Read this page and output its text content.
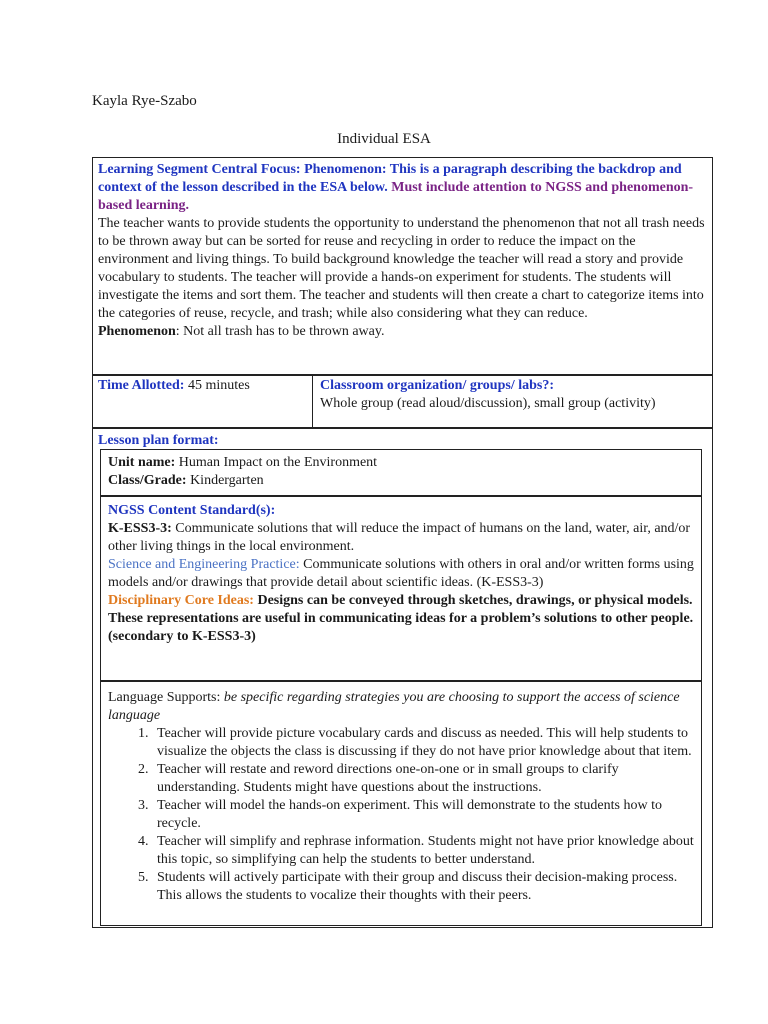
Kayla Rye-Szabo
Individual ESA

Learning Segment Central Focus: Phenomenon: This is a paragraph describing the backdrop and context of the lesson described in the ESA below. Must include attention to NGSS and phenomenon-based learning.

The teacher wants to provide students the opportunity to understand the phenomenon that not all trash needs to be thrown away but can be sorted for reuse and recycling in order to reduce the impact on the environment and living things. To build background knowledge the teacher will read a story and provide vocabulary to students. The teacher will provide a hands-on experiment for students. The students will investigate the items and sort them. The teacher and students will then create a chart to categorize items into the categories of reuse, recycle, and trash; while also considering what they can reduce.

Phenomenon: Not all trash has to be thrown away.

Time Allotted: 45 minutes	Classroom organization/ groups/ labs?:

Whole group (read aloud/discussion), small group (activity)

Lesson plan format:

Unit name: Human Impact on the Environment

Class/Grade: Kindergarten

NGSS Content Standard(s):

K-ESS3-3: Communicate solutions that will reduce the impact of humans on the land, water, air, and/or other living things in the local environment.

Science and Engineering Practice: Communicate solutions with others in oral and/or written forms using models and/or drawings that provide detail about scientific ideas. (K-ESS3-3)

Disciplinary Core Ideas: Designs can be conveyed through sketches, drawings, or physical models. These representations are useful in communicating ideas for a problem’s solutions to other people. (secondary to K-ESS3-3)

Language Supports: be specific regarding strategies you are choosing to support the access of science language

1. Teacher will provide picture vocabulary cards and discuss as needed. This will help students to visualize the objects the class is discussing if they do not have prior knowledge about that item.
2. Teacher will restate and reword directions one-on-one or in small groups to clarify understanding. Students might have questions about the instructions.
3. Teacher will model the hands-on experiment. This will demonstrate to the students how to recycle.
4. Teacher will simplify and rephrase information. Students might not have prior knowledge about this topic, so simplifying can help the students to better understand.
5. Students will actively participate with their group and discuss their decision-making process. This allows the students to vocalize their thoughts with their peers.
